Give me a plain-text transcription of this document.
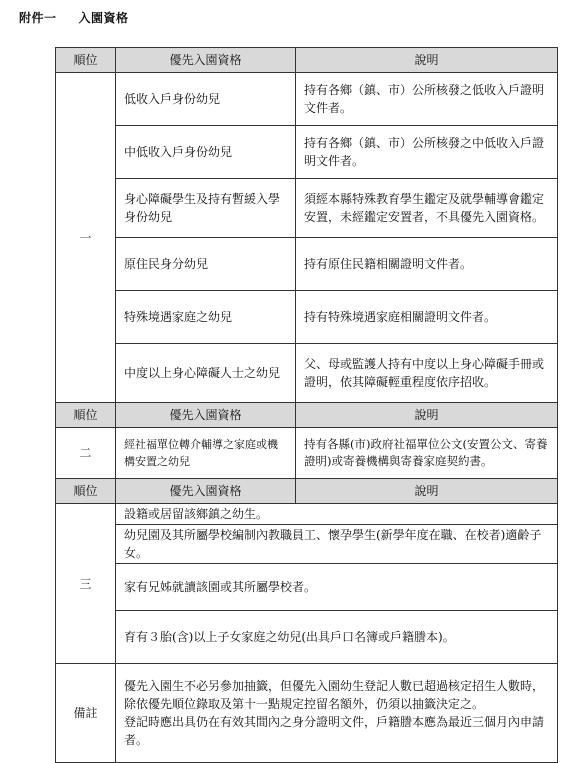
附件一 入園資格
順位	優先入園資格	說明
一	低收入戶身份幼兒	持有各鄉（鎮、市）公所核發之低收入戶證明文件者。
	中低收入戶身份幼兒	持有各鄉（鎮、市）公所核發之中低收入戶證明文件者。
	身心障礙學生及持有暫緩入學身份幼兒	須經本縣特殊教育學生鑑定及就學輔導會鑑定安置，未經鑑定安置者，不具優先入園資格。
	原住民身分幼兒	持有原住民籍相關證明文件者。
	特殊境遇家庭之幼兒	持有特殊境遇家庭相關證明文件者。
	中度以上身心障礙人士之幼兒	父、母或監護人持有中度以上身心障礙手冊或證明，依其障礙輕重程度依序招收。
順位	優先入園資格	說明
二	經社福單位轉介輔導之家庭或機構安置之幼兒	持有各縣(市)政府社福單位公文(安置公文、寄養證明)或寄養機構與寄養家庭契約書。
順位	優先入園資格	說明
三	設籍或居留該鄉鎮之幼生。	
	幼兒園及其所屬學校編制內教職員工、懷孕學生(新學年度在職、在校者)適齡子女。	
	家有兄姊就讀該園或其所屬學校者。	
	育有３胎(含)以上子女家庭之幼兒(出具戶口名簿或戶籍謄本)。	
備註	優先入園生不必另參加抽籤，但優先入園幼生登記人數已超過核定招生人數時，除依優先順位錄取及第十一點規定控留名額外，仍須以抽籤決定之。
登記時應出具仍在有效其間內之身分證明文件，戶籍謄本應為最近三個月內申請者。	
